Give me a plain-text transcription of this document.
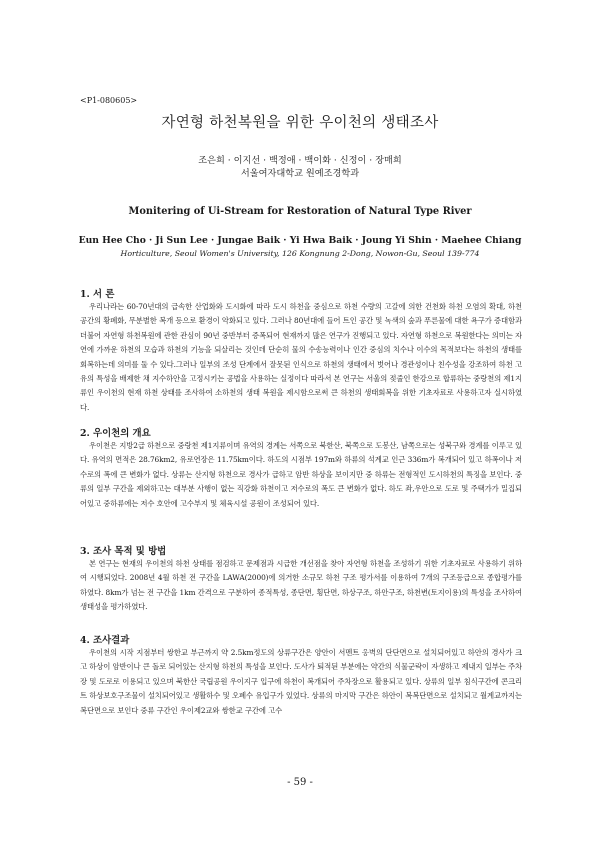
<P1-080605>
자연형 하천복원을 위한 우이천의 생태조사
조은희 · 이지선 · 백정애 · 백이화 · 신정이 · 장매희
서울여자대학교 원예조경학과
Monitering of Ui-Stream for Restoration of Natural Type River
Eun Hee Cho · Ji Sun Lee · Jungae Baik · Yi Hwa Baik · Joung Yi Shin · Maehee Chiang
Horticulture, Seoul Women's University, 126 Kongnung 2-Dong, Nowon-Gu, Seoul 139-774
1. 서 론

우리나라는 60-70년대의 급속한 산업화와 도시화에 따라 도시 하천을 중심으로 하천 수량의 고갈에 의한 건천화 하천 오염의 확대, 하천 공간의 황폐화, 무분별한 복개 등으로 환경이 악화되고 있다. 그러나 80년대에 들어 트인 공간 및 녹색의 숲과 푸른물에 대한 욕구가 증대함과 더불어 자연형 하천복원에 관한 관심이 90년 중반부터 증폭되어 현재까지 많은 연구가 진행되고 있다. 자연형 하천으로 복원한다는 의미는 자연에 가까운 하천의 모습과 하천의 기능을 되살리는 것인데 단순히 물의 수송능력이나 인간 중심의 치수나 이수의 목적보다는 하천의 생태를 회복하는데 의미를 둘 수 있다.그러나 일부의 조성 단계에서 잘못된 인식으로 하천의 생태에서 벗어나 경관성이나 친수성을 강조하여 하천 고유의 특성을 배제한 채 지수하안을 고정시키는 공법을 사용하는 실정이다 따라서 본 연구는 서울의 젖줄인 한강으로 합류하는 중랑천의 제1지류인 우이천의 현재 하천 상태를 조사하여 소하천의 생태 복원을 제시함으로써 큰 하천의 생태회복을 위한 기초자료로 사용하고자 실시하였다.

2. 우이천의 개요

우이천은 지방2급 하천으로 중랑천 제1지류이며 유역의 경계는 서쪽으로 북한산, 북쪽으로 도봉산, 남쪽으로는 성북구와 경계를 이루고 있다. 유역의 면적은 28.76km2, 유로연장은 11.75km이다. 하도의 시점부 197m와 하류의 석계교 인근 336m가 복개되어 있고 하폭이나 저수로의 폭에 큰 변화가 없다. 상류는 산지형 하천으로 경사가 급하고 암반 하상을 보이지만 중 하류는 전형적인 도시하천의 특징을 보인다. 중류의 일부 구간을 제외하고는 대부분 사행이 없는 직강화 하천이고 저수로의 폭도 큰 변화가 없다. 하도 좌,우안으로 도로 및 주택가가 밀집되어있고 중하류에는 저수 호안에 고수부지 및 체육시설 공원이 조성되어 있다.

3. 조사 목적 및 방법

본 연구는 현재의 우이천의 하천 상태를 점검하고 문제점과 시급한 개선점을 찾아 자연형 하천을 조성하기 위한 기초자료로 사용하기 위하여 시행되었다. 2008년 4월 하천 전 구간을 LAWA(2000)에 의거한 소규모 하천 구조 평가서를 이용하여 7개의 구조등급으로 종합평가를 하였다. 8km가 넘는 전 구간을 1km 간격으로 구분하여 종적특성, 종단면, 횡단면, 하상구조, 하안구조, 하천변(토지이용)의 특성을 조사하여 생태성을 평가하였다.

4. 조사결과

우이천의 시작 지점부터 쌍한교 부근까지 약 2.5km정도의 상류구간은 양안이 서멘트 옹벽의 단단면으로 설치되어있고 하안의 경사가 크고 하상이 암반이나 큰 돌로 되어있는 산지형 하천의 특성을 보인다. 도사가 퇴적된 부분에는 약간의 식물군락이 자생하고 제내지 일부는 주차장 및 도로로 이용되고 있으며 북한산 국립공원 우이지구 입구에 하천이 복개되어 주차장으로 활용되고 있다. 상류의 일부 침식구간에 콘크리트 하상보호구조물이 설치되어있고 생활하수 및 오폐수 유입구가 있었다. 상류의 마지막 구간은 하안이 복복단면으로 설치되고 월계교까지는 복단면으로 보인다 중류 구간인 우이제2교와 쌍한교 구간에 고수

- 59 -
